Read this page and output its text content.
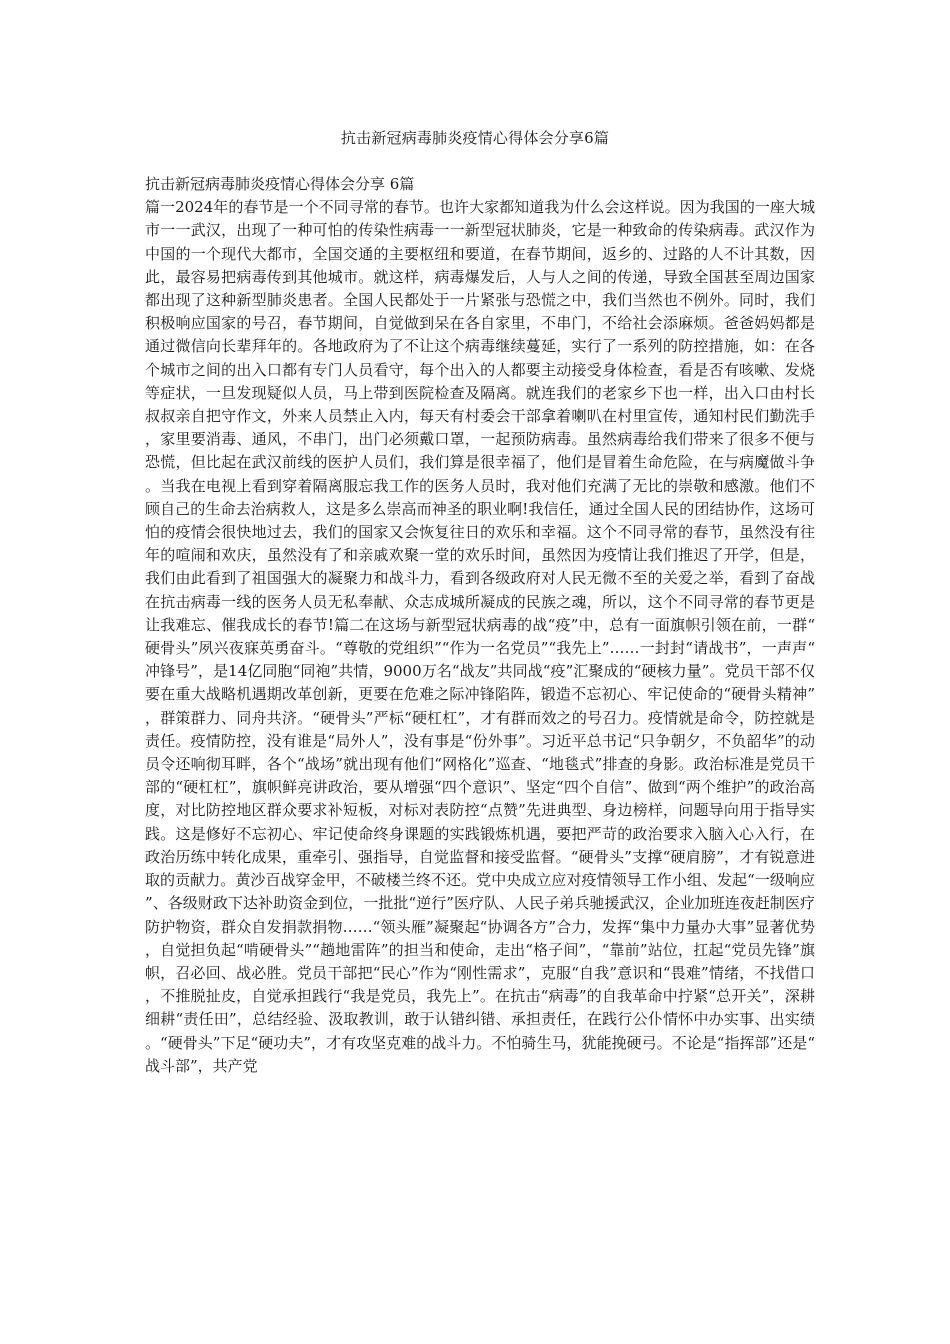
抗击新冠病毒肺炎疫情心得体会分享6篇
抗击新冠病毒肺炎疫情心得体会分享 6篇

篇一2024年的春节是一个不同寻常的春节。也许大家都知道我为什么会这样说。因为我国的一座大城市一一武汉，出现了一种可怕的传染性病毒一一新型冠状肺炎，它是一种致命的传染病毒。武汉作为中国的一个现代大都市，全国交通的主要枢纽和要道，在春节期间，返乡的、过路的人不计其数，因此，最容易把病毒传到其他城市。就这样，病毒爆发后，人与人之间的传递，导致全国甚至周边国家都出现了这种新型肺炎患者。全国人民都处于一片紧张与恐慌之中，我们当然也不例外。同时，我们积极响应国家的号召，春节期间，自觉做到呆在各自家里，不串门，不给社会添麻烦。爸爸妈妈都是通过微信向长辈拜年的。各地政府为了不让这个病毒继续蔓延，实行了一系列的防控措施，如：在各个城市之间的出入口都有专门人员看守，每个出入的人都要主动接受身体检查，看是否有咳嗽、发烧等症状，一旦发现疑似人员，马上带到医院检查及隔离。就连我们的老家乡下也一样，出入口由村长叔叔亲自把守作文，外来人员禁止入内，每天有村委会干部拿着喇叭在村里宣传，通知村民们勤洗手，家里要消毒、通风，不串门，出门必须戴口罩，一起预防病毒。虽然病毒给我们带来了很多不便与恐慌，但比起在武汉前线的医护人员们，我们算是很幸福了，他们是冒着生命危险，在与病魔做斗争。当我在电视上看到穿着隔离服忘我工作的医务人员时，我对他们充满了无比的崇敬和感激。他们不顾自己的生命去治病救人，这是多么崇高而神圣的职业啊!我信任，通过全国人民的团结协作，这场可怕的疫情会很快地过去，我们的国家又会恢复往日的欢乐和幸福。这个不同寻常的春节，虽然没有往年的喧闹和欢庆，虽然没有了和亲戚欢聚一堂的欢乐时间，虽然因为疫情让我们推迟了开学，但是，我们由此看到了祖国强大的凝聚力和战斗力，看到各级政府对人民无微不至的关爱之举，看到了奋战在抗击病毒一线的医务人员无私奉献、众志成城所凝成的民族之魂，所以，这个不同寻常的春节更是让我难忘、催我成长的春节!篇二在这场与新型冠状病毒的战“疫”中，总有一面旗帜引领在前，一群“硬骨头”夙兴夜寐英勇奋斗。“尊敬的党组织”“作为一名党员”“我先上”……一封封“请战书”，一声声“冲锋号”，是14亿同胞“同袍”共情，9000万名“战友”共同战“疫”汇聚成的“硬核力量”。党员干部不仅要在重大战略机遇期改革创新，更要在危难之际冲锋陷阵，锻造不忘初心、牢记使命的“硬骨头精神”，群策群力、同舟共济。“硬骨头”严标“硬杠杠”，才有群而效之的号召力。疫情就是命令，防控就是责任。疫情防控，没有谁是“局外人”，没有事是“份外事”。习近平总书记“只争朝夕，不负韶华”的动员令还响彻耳畔，各个“战场”就出现有他们“网格化”巡查、“地毯式”排查的身影。政治标准是党员干部的“硬杠杠”，旗帜鲜亮讲政治，要从增强“四个意识”、坚定“四个自信”、做到“两个维护”的政治高度，对比防控地区群众要求补短板，对标对表防控“点赞”先进典型、身边榜样，问题导向用于指导实践。这是修好不忘初心、牢记使命终身课题的实践锻炼机遇，要把严苛的政治要求入脑入心入行，在政治历练中转化成果，重牵引、强指导，自觉监督和接受监督。“硬骨头”支撑“硬肩膀”，才有锐意进取的贡献力。黄沙百战穿金甲，不破楼兰终不还。党中央成立应对疫情领导工作小组、发起“一级响应”、各级财政下达补助资金到位，一批批“逆行”医疗队、人民子弟兵驰援武汉，企业加班连夜赶制医疗防护物资，群众自发捐款捐物……“领头雁”凝聚起“协调各方”合力，发挥“集中力量办大事”显著优势，自觉担负起“啃硬骨头”“趟地雷阵”的担当和使命，走出“格子间”，“靠前”站位，扛起“党员先锋”旗帜，召必回、战必胜。党员干部把“民心”作为“刚性需求”，克服“自我”意识和“畏难”情绪，不找借口，不推脱扯皮，自觉承担践行“我是党员，我先上”。在抗击“病毒”的自我革命中拧紧“总开关”，深耕细耕“责任田”，总结经验、汲取教训，敢于认错纠错、承担责任，在践行公仆情怀中办实事、出实绩。“硬骨头”下足“硬功夫”，才有攻坚克难的战斗力。不怕骑生马，犹能挽硬弓。不论是“指挥部”还是“战斗部”，共产党
